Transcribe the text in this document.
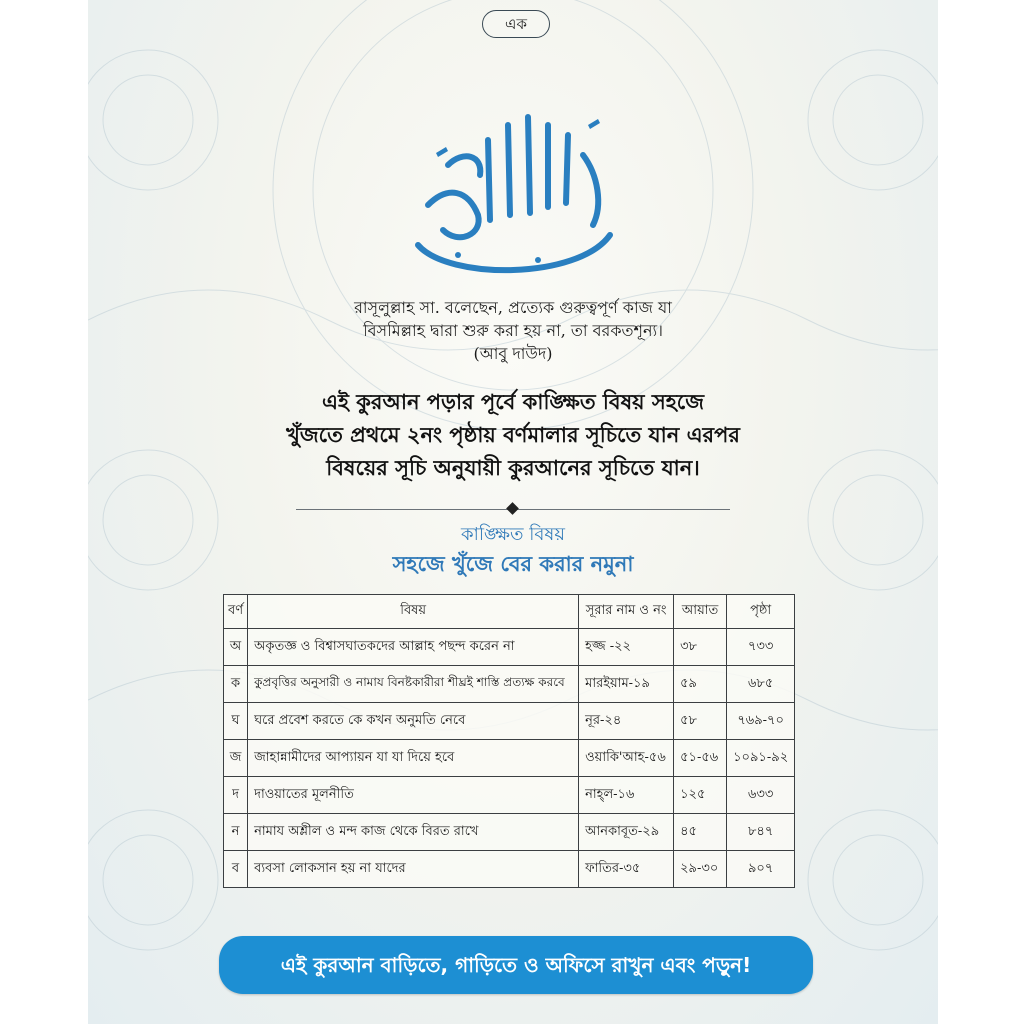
এক
রাসূলুল্লাহ সা. বলেছেন, প্রত্যেক গুরুত্বপূর্ণ কাজ যা
বিসমিল্লাহ দ্বারা শুরু করা হয় না, তা বরকতশূন্য।
(আবু দাউদ)
এই কুরআন পড়ার পূর্বে কাঙ্ক্ষিত বিষয় সহজে
খুঁজতে প্রথমে ২নং পৃষ্ঠায় বর্ণমালার সূচিতে যান এরপর
বিষয়ের সূচি অনুযায়ী কুরআনের সূচিতে যান।
কাঙ্ক্ষিত বিষয়
সহজে খুঁজে বের করার নমুনা
বর্ণ	বিষয়	সূরার নাম ও নং	আয়াত	পৃষ্ঠা
অ	অকৃতজ্ঞ ও বিশ্বাসঘাতকদের আল্লাহ পছন্দ করেন না	হজ্জ -২২	৩৮	৭৩৩
ক	কুপ্রবৃত্তির অনুসারী ও নামায বিনষ্টকারীরা শীঘ্রই শাস্তি প্রত্যক্ষ করবে	মারইয়াম-১৯	৫৯	৬৮৫
ঘ	ঘরে প্রবেশ করতে কে কখন অনুমতি নেবে	নূর-২৪	৫৮	৭৬৯-৭০
জ	জাহান্নামীদের আপ্যায়ন যা যা দিয়ে হবে	ওয়াকি'আহ-৫৬	৫১-৫৬	১০৯১-৯২
দ	দাওয়াতের মূলনীতি	নাহ্‌ল-১৬	১২৫	৬৩৩
ন	নামায অশ্লীল ও মন্দ কাজ থেকে বিরত রাখে	আনকাবূত-২৯	৪৫	৮৪৭
ব	ব্যবসা লোকসান হয় না যাদের	ফাতির-৩৫	২৯-৩০	৯০৭
এই কুরআন বাড়িতে, গাড়িতে ও অফিসে রাখুন এবং পড়ুন!
